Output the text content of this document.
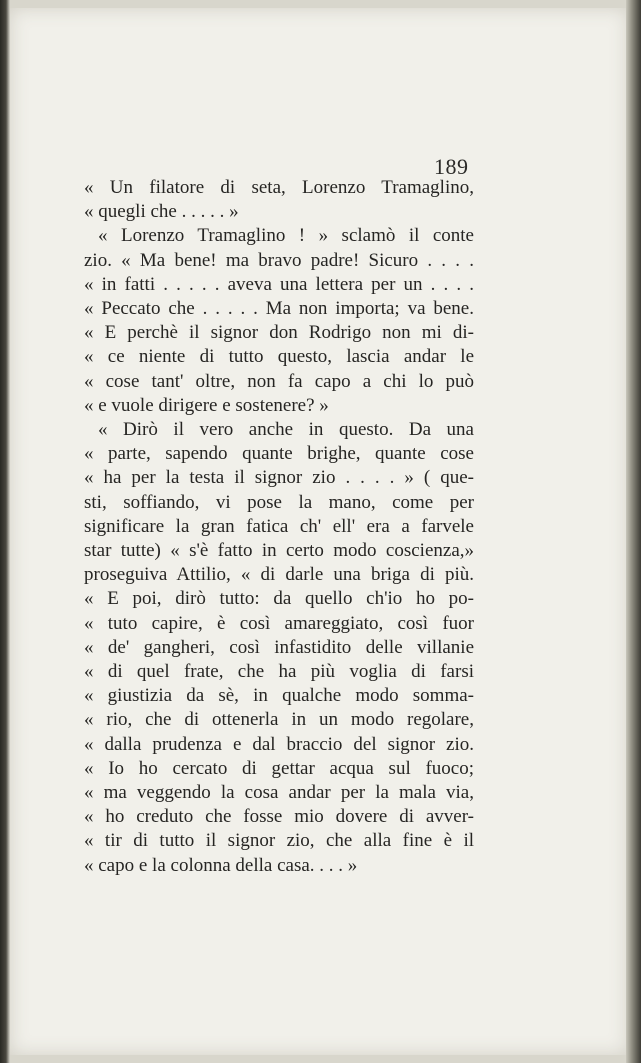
189
« Un filatore di seta, Lorenzo Tramaglino,
« quegli che . . . . . »
« Lorenzo Tramaglino ! » sclamò il conte
zio. « Ma bene! ma bravo padre! Sicuro . . . .
« in fatti . . . . . aveva una lettera per un . . . .
« Peccato che . . . . . Ma non importa; va bene.
« E perchè il signor don Rodrigo non mi di-
« ce niente di tutto questo, lascia andar le
« cose tant' oltre, non fa capo a chi lo può
« e vuole dirigere e sostenere? »
« Dirò il vero anche in questo. Da una
« parte, sapendo quante brighe, quante cose
« ha per la testa il signor zio . . . . » ( que-
sti, soffiando, vi pose la mano, come per
significare la gran fatica ch' ell' era a farvele
star tutte) « s'è fatto in certo modo coscienza,»
proseguiva Attilio, « di darle una briga di più.
« E poi, dirò tutto: da quello ch'io ho po-
« tuto capire, è così amareggiato, così fuor
« de' gangheri, così infastidito delle villanie
« di quel frate, che ha più voglia di farsi
« giustizia da sè, in qualche modo somma-
« rio, che di ottenerla in un modo regolare,
« dalla prudenza e dal braccio del signor zio.
« Io ho cercato di gettar acqua sul fuoco;
« ma veggendo la cosa andar per la mala via,
« ho creduto che fosse mio dovere di avver-
« tir di tutto il signor zio, che alla fine è il
« capo e la colonna della casa. . . . »
